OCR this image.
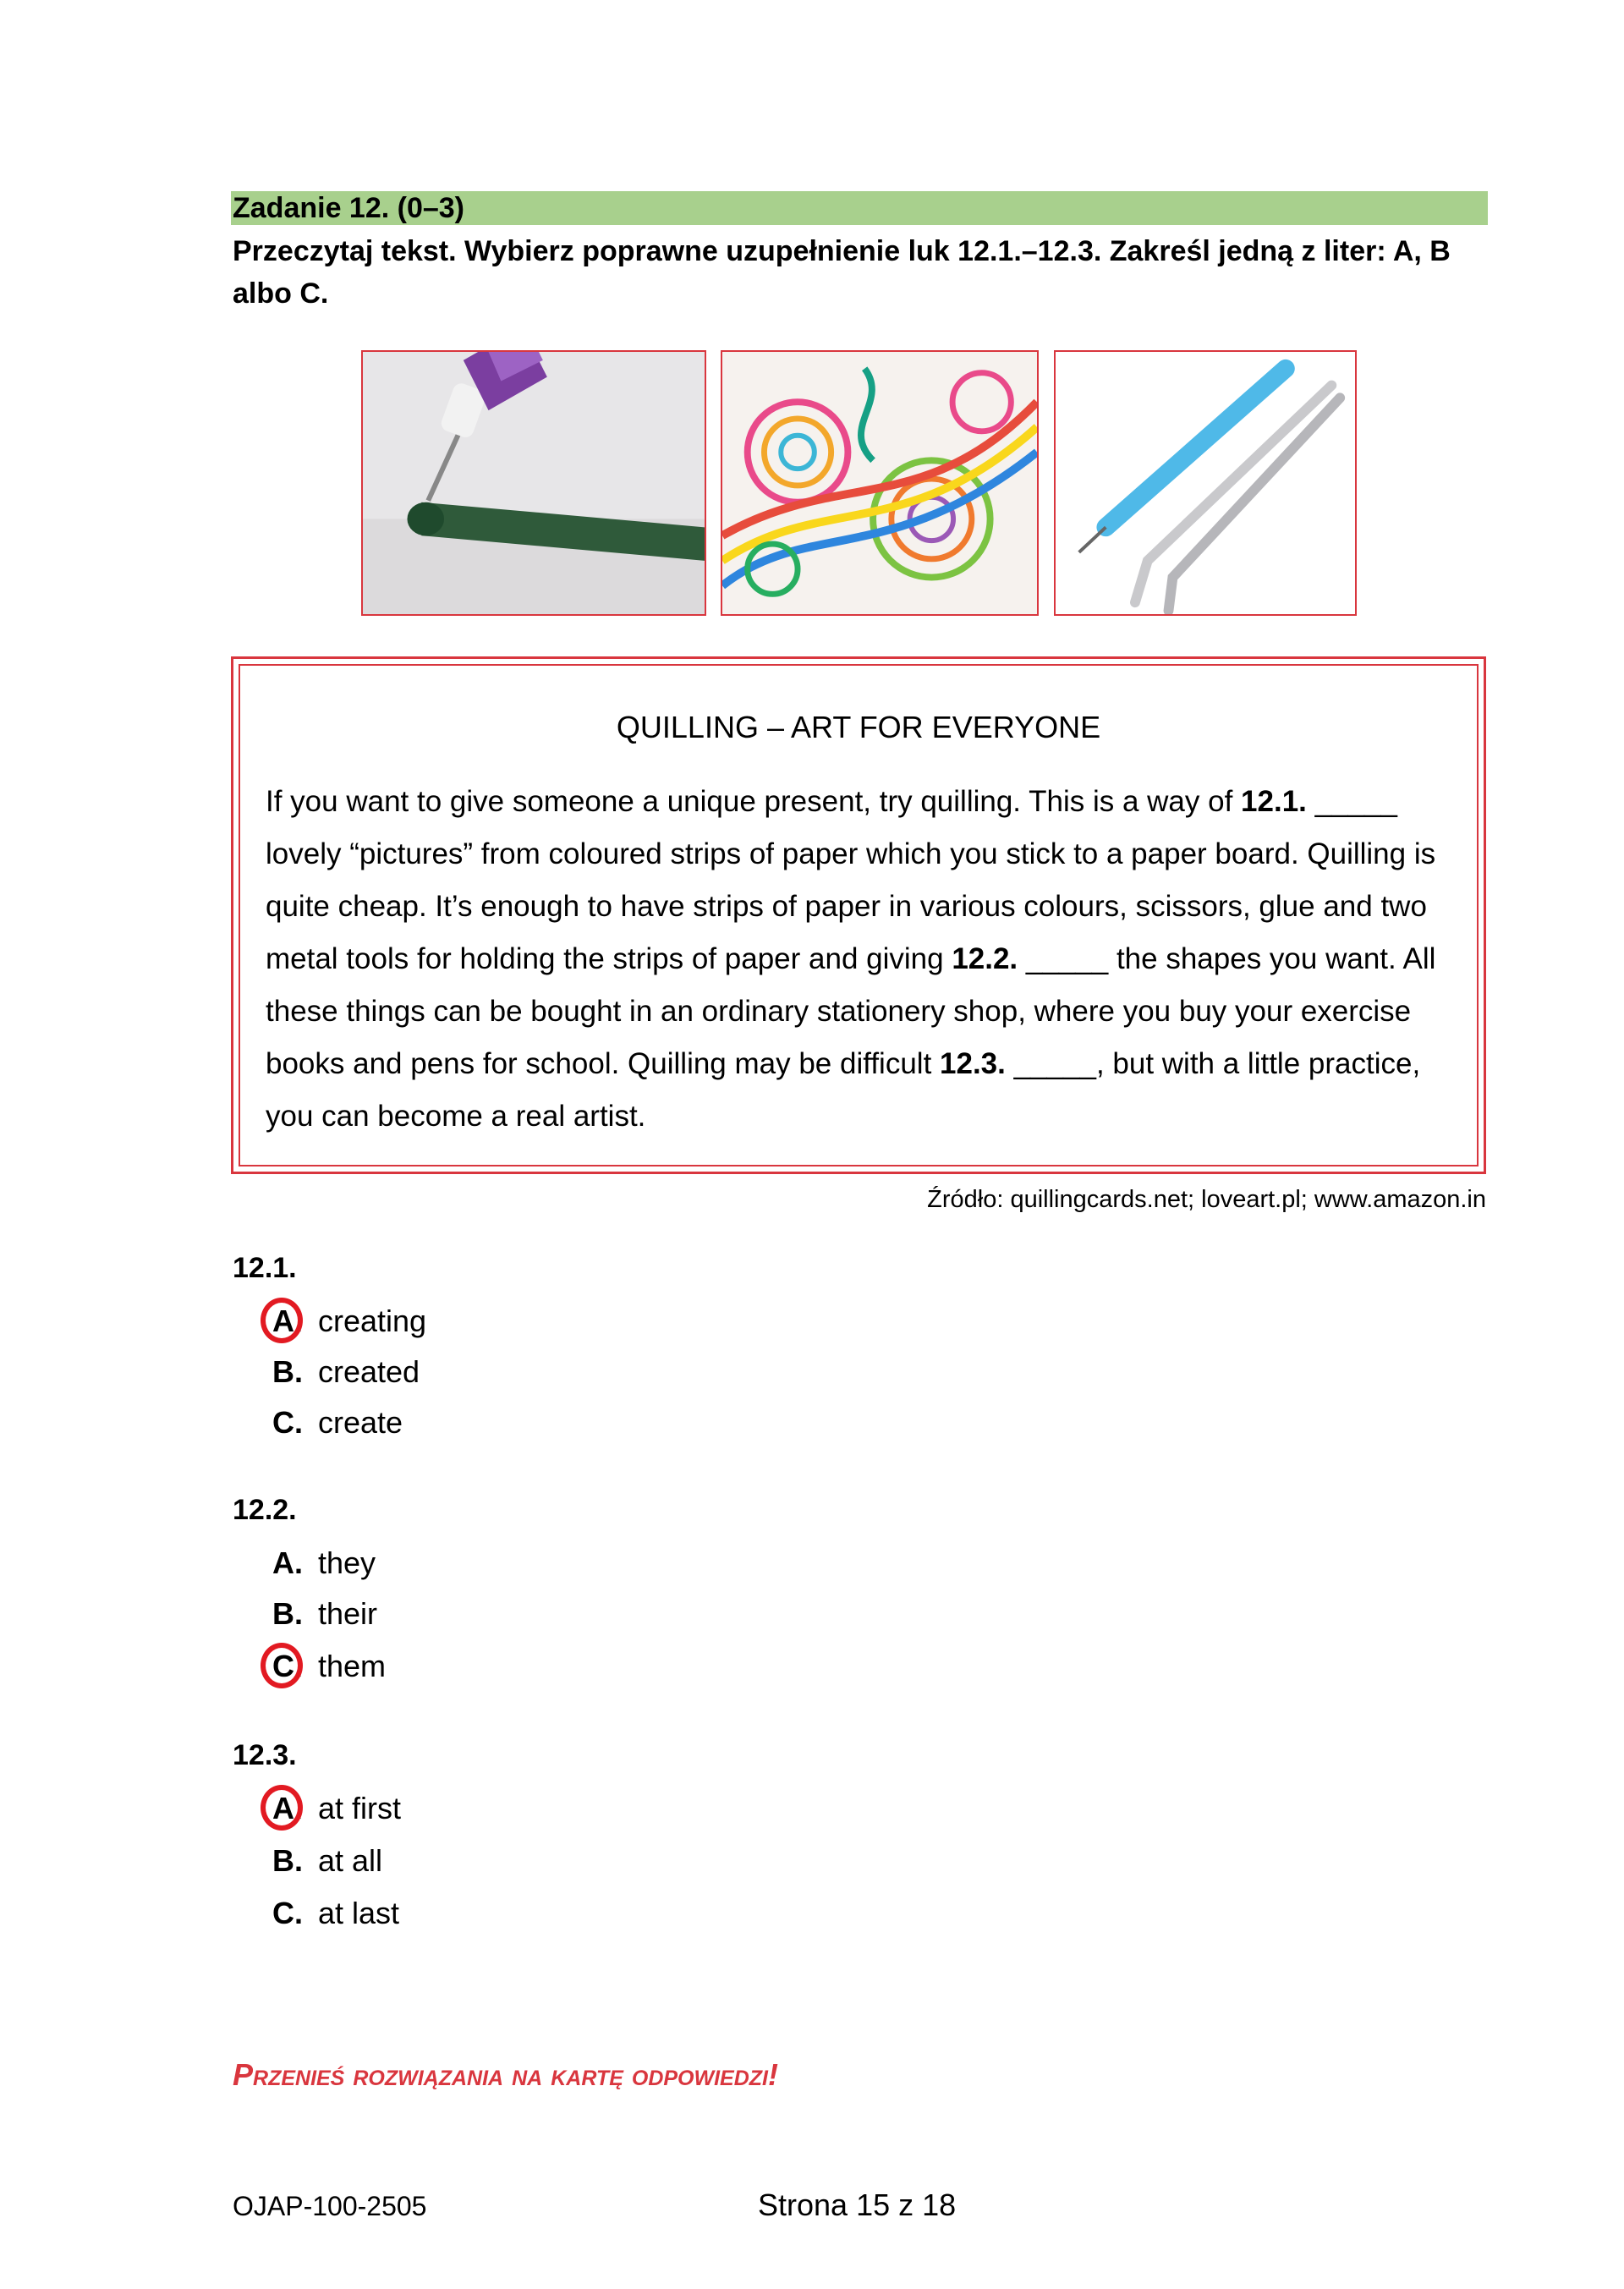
Zadanie 12. (0–3)
Przeczytaj tekst. Wybierz poprawne uzupełnienie luk 12.1.–12.3. Zakreśl jedną z liter: A, B albo C.
QUILLING – ART FOR EVERYONE
If you want to give someone a unique present, try quilling. This is a way of 12.1. _____ lovely “pictures” from coloured strips of paper which you stick to a paper board. Quilling is quite cheap. It’s enough to have strips of paper in various colours, scissors, glue and two metal tools for holding the strips of paper and giving 12.2. _____ the shapes you want. All these things can be bought in an ordinary stationery shop, where you buy your exercise books and pens for school. Quilling may be difficult 12.3. _____, but with a little practice, you can become a real artist.
Źródło: quillingcards.net; loveart.pl; www.amazon.in
12.1.
A. creating
B. created
C. create
12.2.
A. they
B. their
C. them
12.3.
A. at first
B. at all
C. at last
Przenieś rozwiązania na kartę odpowiedzi!
OJAP-100-2505	Strona 15 z 18
